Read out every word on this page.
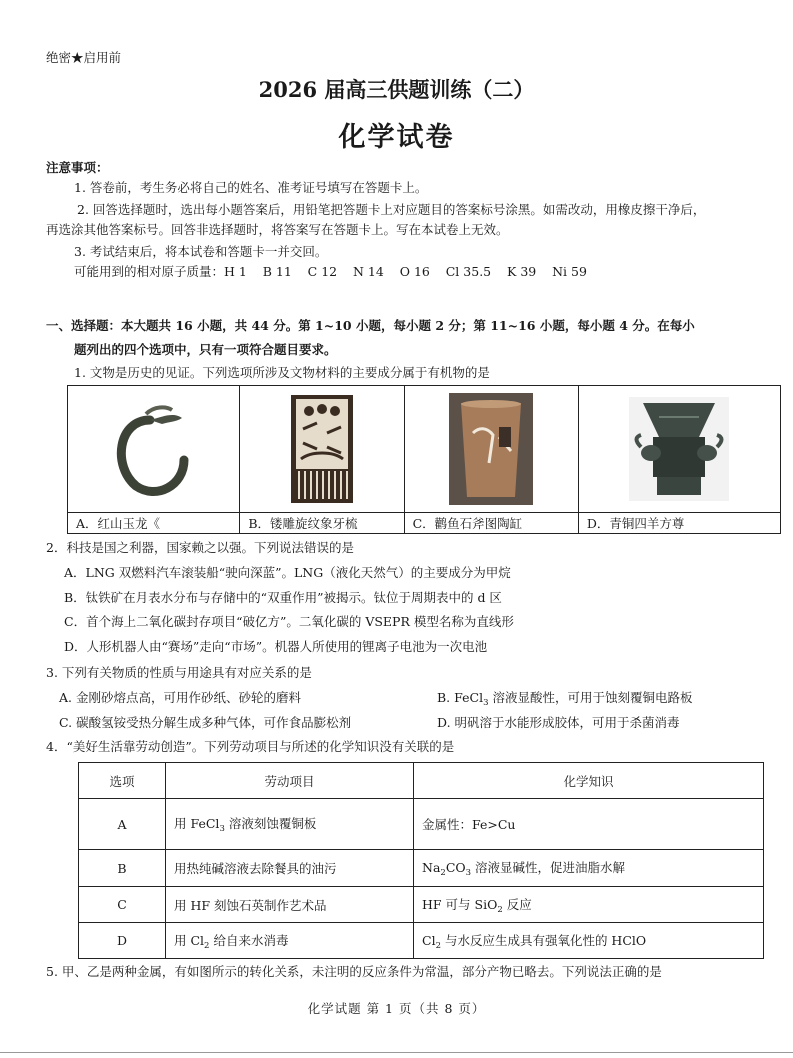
绝密★启用前
2026 届高三供题训练（二）
化学试卷
注意事项：
1. 答卷前，考生务必将自己的姓名、准考证号填写在答题卡上。
2. 回答选择题时，选出每小题答案后，用铅笔把答题卡上对应题目的答案标号涂黑。如需改动，用橡皮擦干净后，
再选涂其他答案标号。回答非选择题时，将答案写在答题卡上。写在本试卷上无效。
3. 考试结束后，将本试卷和答题卡一并交回。
可能用到的相对原子质量：H 1    B 11    C 12    N 14    O 16    Cl 35.5    K 39    Ni 59
一、选择题：本大题共 16 小题，共 44 分。第 1~10 小题，每小题 2 分；第 11~16 小题，每小题 4 分。在每小
题列出的四个选项中，只有一项符合题目要求。
1. 文物是历史的见证。下列选项所涉及文物材料的主要成分属于有机物的是

A．红山玉龙《	B．镂雕旋纹象牙梳	C．鹳鱼石斧图陶缸	D．青铜四羊方尊
2．科技是国之利器，国家赖之以强。下列说法错误的是
A．LNG 双燃料汽车滚装船“驶向深蓝”。LNG（液化天然气）的主要成分为甲烷
B．钛铁矿在月表水分布与存储中的“双重作用”被揭示。钛位于周期表中的 d 区
C．首个海上二氧化碳封存项目“破亿方”。二氧化碳的 VSEPR 模型名称为直线形
D．人形机器人由“赛场”走向“市场”。机器人所使用的锂离子电池为一次电池
3. 下列有关物质的性质与用途具有对应关系的是
A. 金刚砂熔点高，可用作砂纸、砂轮的磨料	B. FeCl$_3$ 溶液显酸性，可用于蚀刻覆铜电路板
C. 碳酸氢铵受热分解生成多种气体，可作食品膨松剂	D. 明矾溶于水能形成胶体，可用于杀菌消毒
4．“美好生活靠劳动创造”。下列劳动项目与所述的化学知识没有关联的是
选项	劳动项目	化学知识
A	用 FeCl$_3$ 溶液刻蚀覆铜板	金属性：Fe>Cu
B	用热纯碱溶液去除餐具的油污	$Na_2CO_3$ 溶液显碱性，促进油脂水解
C	用 HF 刻蚀石英制作艺术品	HF 可与 SiO$_2$ 反应
D	用 $Cl_2$ 给自来水消毒	$Cl_2$ 与水反应生成具有强氧化性的 HClO
5. 甲、乙是两种金属，有如图所示的转化关系，未注明的反应条件为常温，部分产物已略去。下列说法正确的是
化学试题 第 1 页（共 8 页）
